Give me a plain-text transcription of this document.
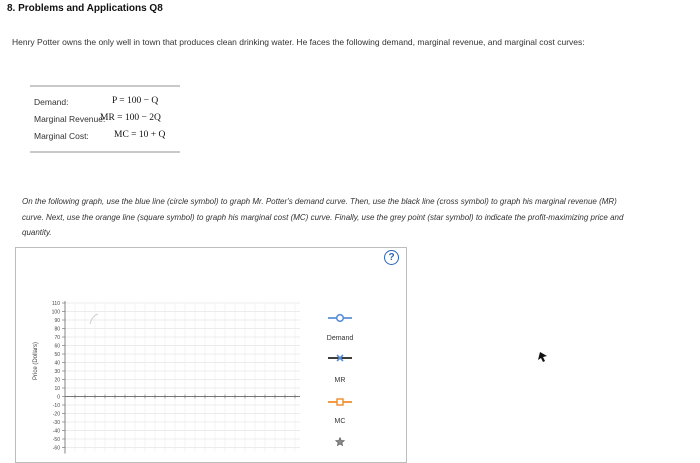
8. Problems and Applications Q8
Henry Potter owns the only well in town that produces clean drinking water. He faces the following demand, marginal revenue, and marginal cost curves:
Demand:	P = 100 − Q
Marginal Revenue:
MR = 100 − 2Q
Marginal Cost:	MC = 10 + Q
On the following graph, use the blue line (circle symbol) to graph Mr. Potter's demand curve. Then, use the black line (cross symbol) to graph his marginal revenue (MR) curve. Next, use the orange line (square symbol) to graph his marginal cost (MC) curve. Finally, use the grey point (star symbol) to indicate the profit-maximizing price and quantity.
?
110
100
90
80
70
60
50
40
30
20
10
0
-10
-20
-30
-40
-50
-60
Price (Dollars)
Demand
MR
MC
